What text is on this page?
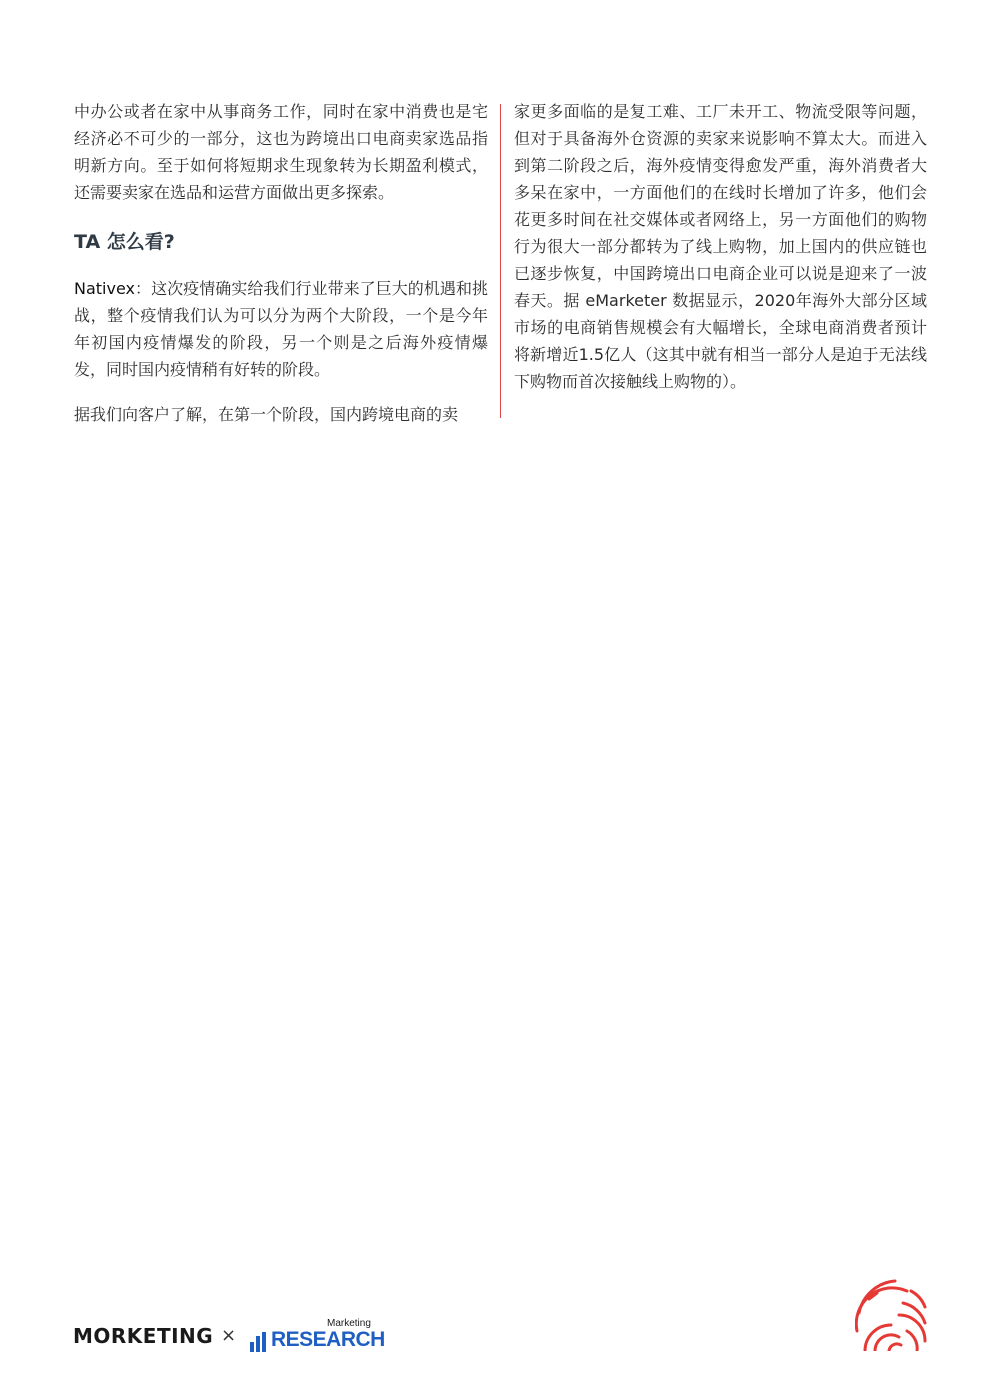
中办公或者在家中从事商务工作，同时在家中消费也是宅经济必不可少的一部分，这也为跨境出口电商卖家选品指明新方向。至于如何将短期求生现象转为长期盈利模式，还需要卖家在选品和运营方面做出更多探索。

TA 怎么看?

Nativex：这次疫情确实给我们行业带来了巨大的机遇和挑战，整个疫情我们认为可以分为两个大阶段，一个是今年年初国内疫情爆发的阶段，另一个则是之后海外疫情爆发，同时国内疫情稍有好转的阶段。

据我们向客户了解，在第一个阶段，国内跨境电商的卖

家更多面临的是复工难、工厂未开工、物流受限等问题，但对于具备海外仓资源的卖家来说影响不算太大。而进入到第二阶段之后，海外疫情变得愈发严重，海外消费者大多呆在家中，一方面他们的在线时长增加了许多，他们会花更多时间在社交媒体或者网络上，另一方面他们的购物行为很大一部分都转为了线上购物，加上国内的供应链也已逐步恢复，中国跨境出口电商企业可以说是迎来了一波春天。据 eMarketer 数据显示，2020年海外大部分区域市场的电商销售规模会有大幅增长，全球电商消费者预计将新增近1.5亿人（这其中就有相当一部分人是迫于无法线下购物而首次接触线上购物的）。

MORKETING ×
Marketing
RESEARCH
